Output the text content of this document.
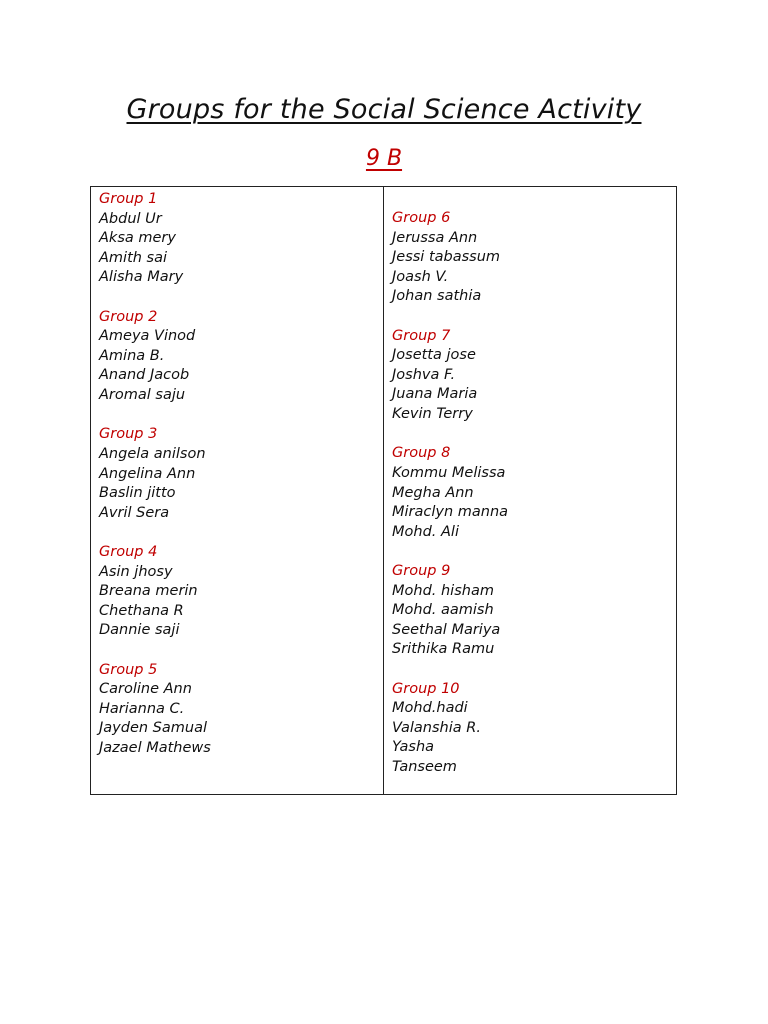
Groups for the Social Science Activity
9 B
Group 1
Abdul Ur
Aksa mery
Amith sai
Alisha Mary
Group 2
Ameya Vinod
Amina B.
Anand Jacob
Aromal saju
Group 3
Angela anilson
Angelina Ann
Baslin jitto
Avril Sera
Group 4
Asin jhosy
Breana merin
Chethana R
Dannie saji
Group 5
Caroline Ann
Harianna C.
Jayden Samual
Jazael Mathews
Group 6
Jerussa Ann
Jessi tabassum
Joash V.
Johan sathia
Group 7
Josetta jose
Joshva F.
Juana Maria
Kevin Terry
Group 8
Kommu Melissa
Megha Ann
Miraclyn manna
Mohd. Ali
Group 9
Mohd. hisham
Mohd. aamish
Seethal Mariya
Srithika Ramu
Group 10
Mohd.hadi
Valanshia R.
Yasha
Tanseem
